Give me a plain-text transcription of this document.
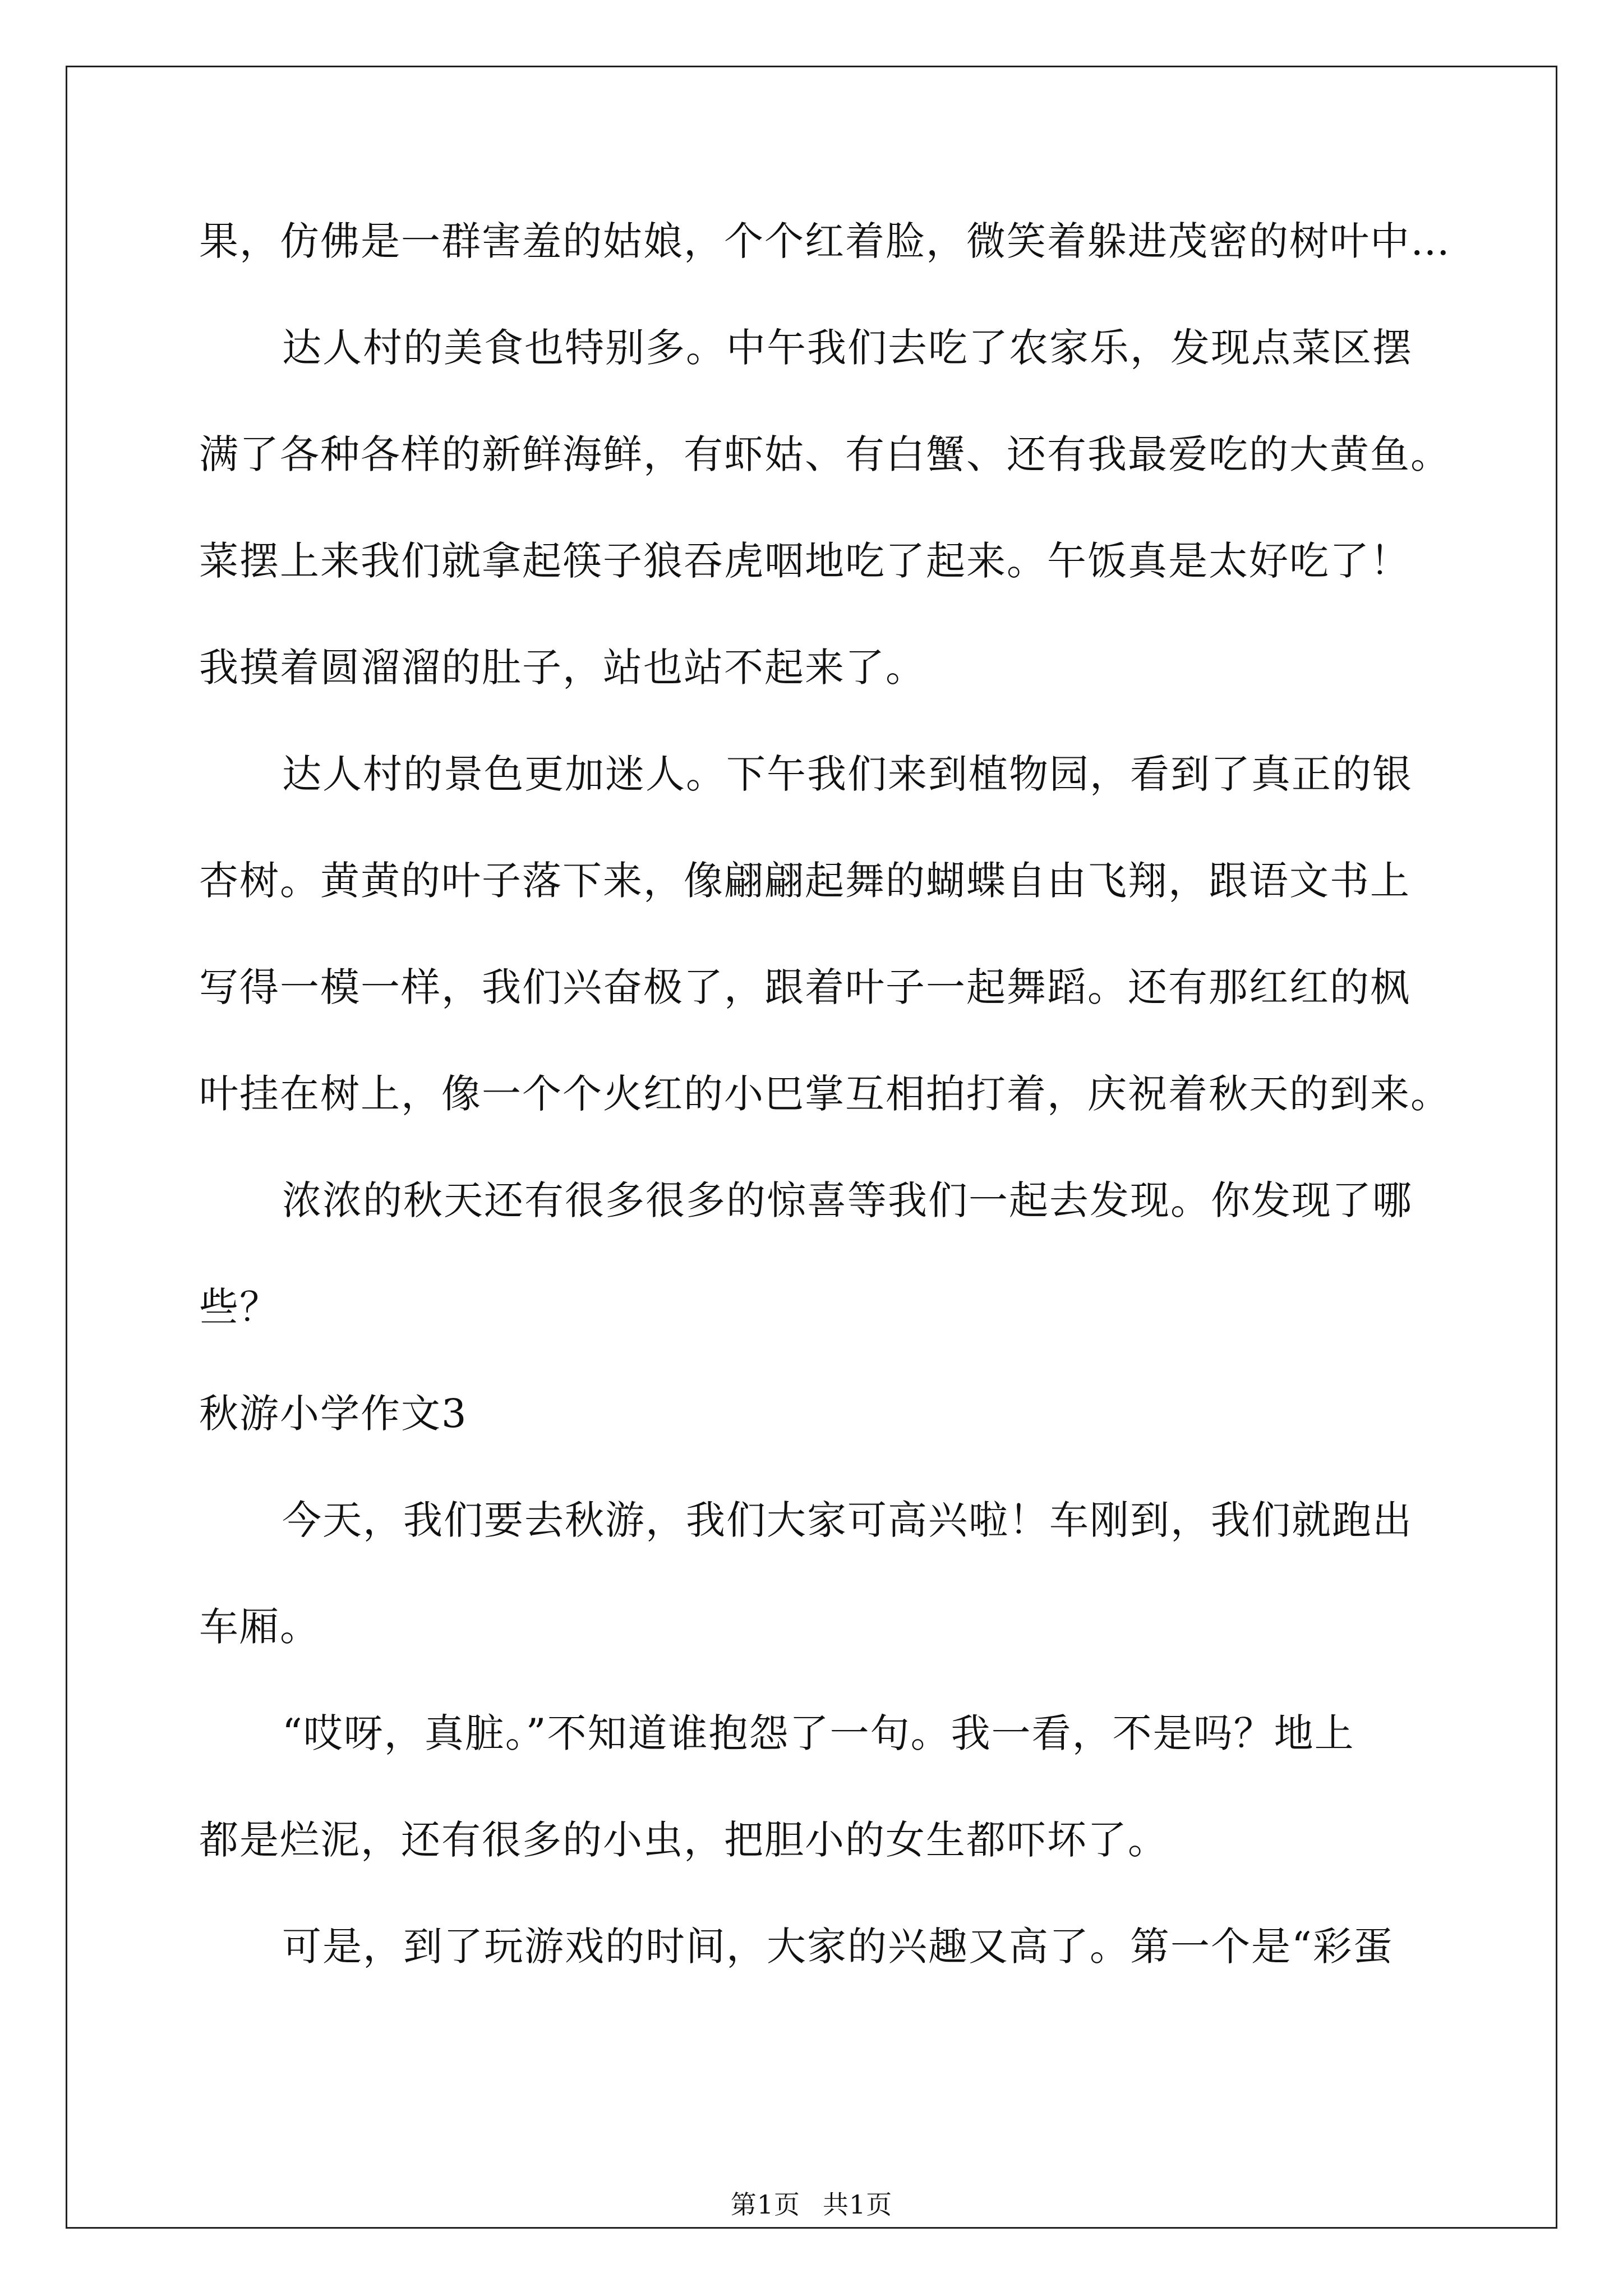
果，仿佛是一群害羞的姑娘，个个红着脸，微笑着躲进茂密的树叶中…
达人村的美食也特别多。中午我们去吃了农家乐，发现点菜区摆
满了各种各样的新鲜海鲜，有虾姑、有白蟹、还有我最爱吃的大黄鱼。
菜摆上来我们就拿起筷子狼吞虎咽地吃了起来。午饭真是太好吃了！
我摸着圆溜溜的肚子，站也站不起来了。
达人村的景色更加迷人。下午我们来到植物园，看到了真正的银
杏树。黄黄的叶子落下来，像翩翩起舞的蝴蝶自由飞翔，跟语文书上
写得一模一样，我们兴奋极了，跟着叶子一起舞蹈。还有那红红的枫
叶挂在树上，像一个个火红的小巴掌互相拍打着，庆祝着秋天的到来。
浓浓的秋天还有很多很多的惊喜等我们一起去发现。你发现了哪
些？
秋游小学作文3
今天，我们要去秋游，我们大家可高兴啦！车刚到，我们就跑出
车厢。
“哎呀，真脏。”不知道谁抱怨了一句。我一看，不是吗？地上
都是烂泥，还有很多的小虫，把胆小的女生都吓坏了。
可是，到了玩游戏的时间，大家的兴趣又高了。第一个是“彩蛋
第1页 共1页
